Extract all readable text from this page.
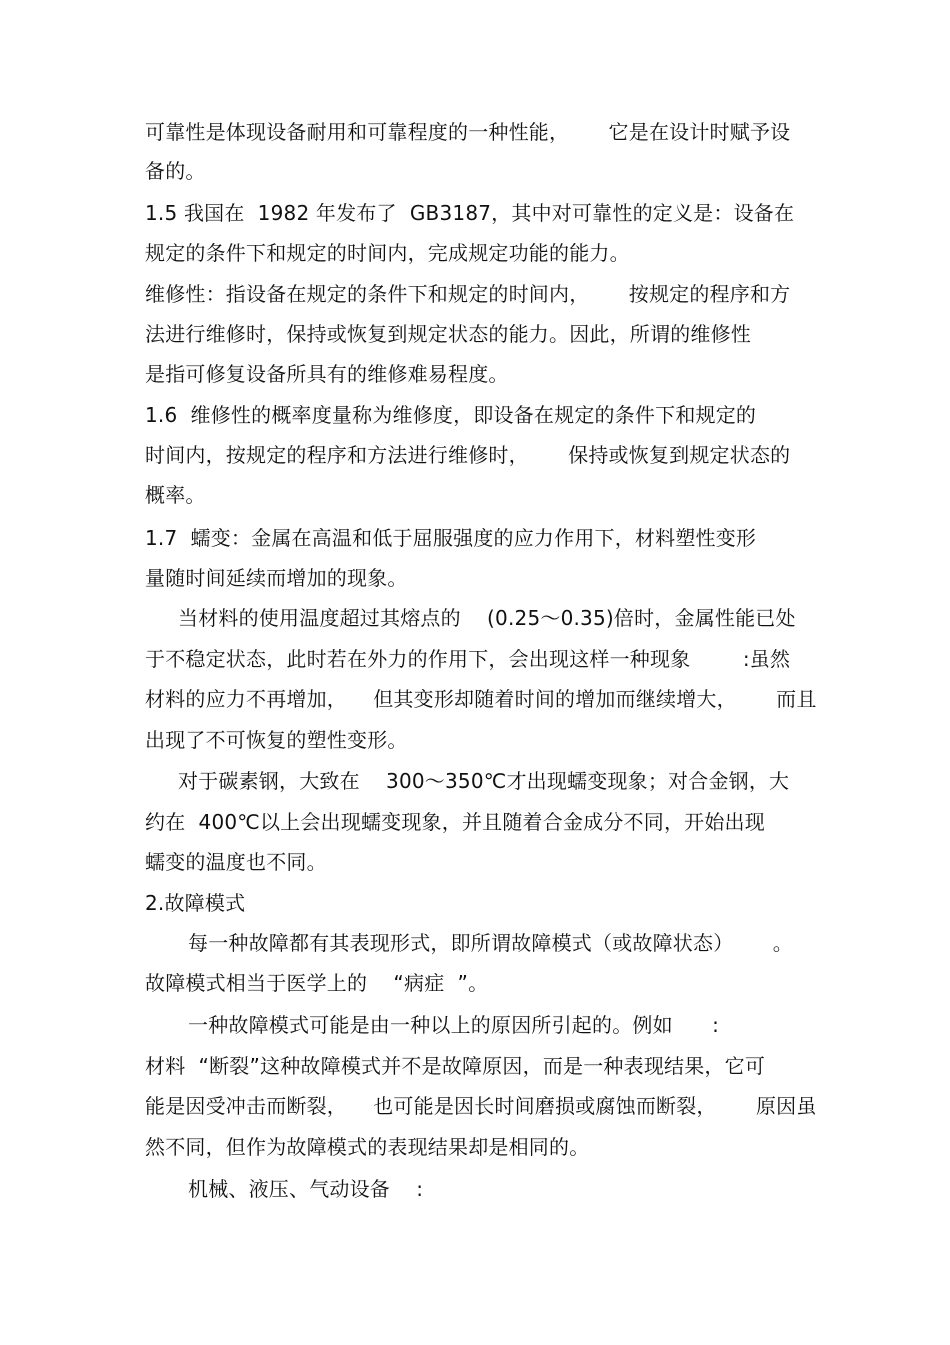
可靠性是体现设备耐用和可靠程度的一种性能，      它是在设计时赋予设
备的。
1.5 我国在  1982 年发布了  GB3187，其中对可靠性的定义是：设备在
规定的条件下和规定的时间内，完成规定功能的能力。
维修性：指设备在规定的条件下和规定的时间内，      按规定的程序和方
法进行维修时，保持或恢复到规定状态的能力。因此，所谓的维修性
是指可修复设备所具有的维修难易程度。
1.6  维修性的概率度量称为维修度，即设备在规定的条件下和规定的
时间内，按规定的程序和方法进行维修时，      保持或恢复到规定状态的
概率。
1.7  蠕变：金属在高温和低于屈服强度的应力作用下，材料塑性变形
量随时间延续而增加的现象。
当材料的使用温度超过其熔点的    (0.25～0.35)倍时，金属性能已处
于不稳定状态，此时若在外力的作用下，会出现这样一种现象        :虽然
材料的应力不再增加，    但其变形却随着时间的增加而继续增大，      而且
出现了不可恢复的塑性变形。
对于碳素钢，大致在    300～350℃才出现蠕变现象；对合金钢，大
约在  400℃以上会出现蠕变现象，并且随着合金成分不同，开始出现
蠕变的温度也不同。
2.故障模式
每一种故障都有其表现形式，即所谓故障模式（或故障状态）      。
故障模式相当于医学上的    “病症  ”。
一种故障模式可能是由一种以上的原因所引起的。例如      :
材料  “断裂”这种故障模式并不是故障原因，而是一种表现结果，它可
能是因受冲击而断裂，    也可能是因长时间磨损或腐蚀而断裂，      原因虽
然不同，但作为故障模式的表现结果却是相同的。
机械、液压、气动设备    :
